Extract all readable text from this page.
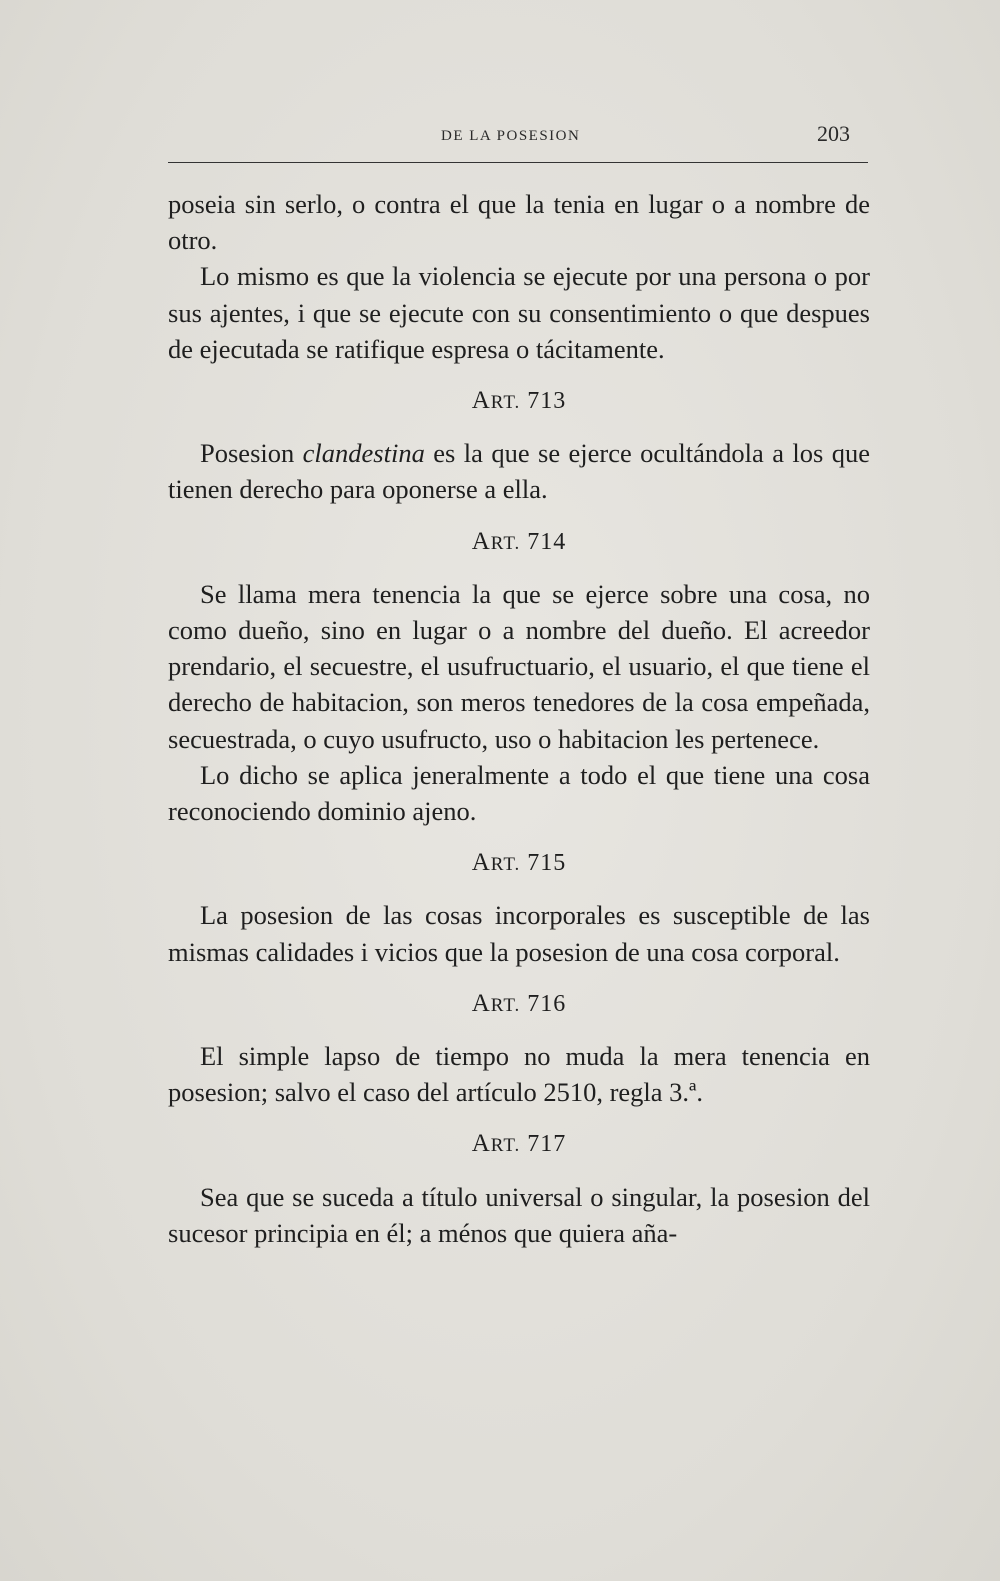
DE LA POSESION	203

poseia sin serlo, o contra el que la tenia en lugar o a nombre de otro.

Lo mismo es que la violencia se ejecute por una persona o por sus ajentes, i que se ejecute con su consentimiento o que despues de ejecutada se ratifique espresa o tácitamente.

ART. 713

Posesion clandestina es la que se ejerce ocultándola a los que tienen derecho para oponerse a ella.

ART. 714

Se llama mera tenencia la que se ejerce sobre una cosa, no como dueño, sino en lugar o a nombre del dueño. El acreedor prendario, el secuestre, el usufructuario, el usuario, el que tiene el derecho de habitacion, son meros tenedores de la cosa empeñada, secuestrada, o cuyo usufructo, uso o habitacion les pertenece.

Lo dicho se aplica jeneralmente a todo el que tiene una cosa reconociendo dominio ajeno.

ART. 715

La posesion de las cosas incorporales es susceptible de las mismas calidades i vicios que la posesion de una cosa corporal.

ART. 716

El simple lapso de tiempo no muda la mera tenencia en posesion; salvo el caso del artículo 2510, regla 3.ª.

ART. 717

Sea que se suceda a título universal o singular, la posesion del sucesor principia en él; a ménos que quiera aña-
